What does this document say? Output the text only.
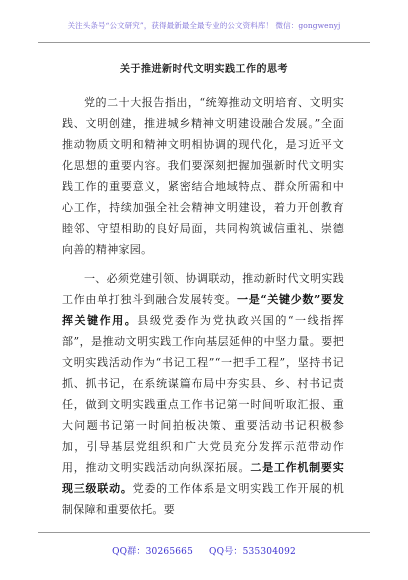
关注头条号“公文研究”，获得最新最全最专业的公文资料库！ 微信：gongwenyj
关于推进新时代文明实践工作的思考

党的二十大报告指出，“统筹推动文明培育、文明实践、文明创建，推进城乡精神文明建设融合发展。”全面推动物质文明和精神文明相协调的现代化，是习近平文化思想的重要内容。我们要深刻把握加强新时代文明实践工作的重要意义，紧密结合地域特点、群众所需和中心工作，持续加强全社会精神文明建设，着力开创教育睦邻、守望相助的良好局面，共同构筑诚信重礼、崇德向善的精神家园。

一、必须党建引领、协调联动，推动新时代文明实践工作由单打独斗到融合发展转变。一是“关键少数”要发挥关键作用。县级党委作为党执政兴国的“一线指挥部”，是推动文明实践工作向基层延伸的中坚力量。要把文明实践活动作为“书记工程”“一把手工程”，坚持书记抓、抓书记，在系统谋篇布局中夯实县、乡、村书记责任，做到文明实践重点工作书记第一时间听取汇报、重大问题书记第一时间拍板决策、重要活动书记积极参加，引导基层党组织和广大党员充分发挥示范带动作用，推动文明实践活动向纵深拓展。二是工作机制要实现三级联动。党委的工作体系是文明实践工作开展的机制保障和重要依托。要

QQ群：30265665 QQ号：535304092
